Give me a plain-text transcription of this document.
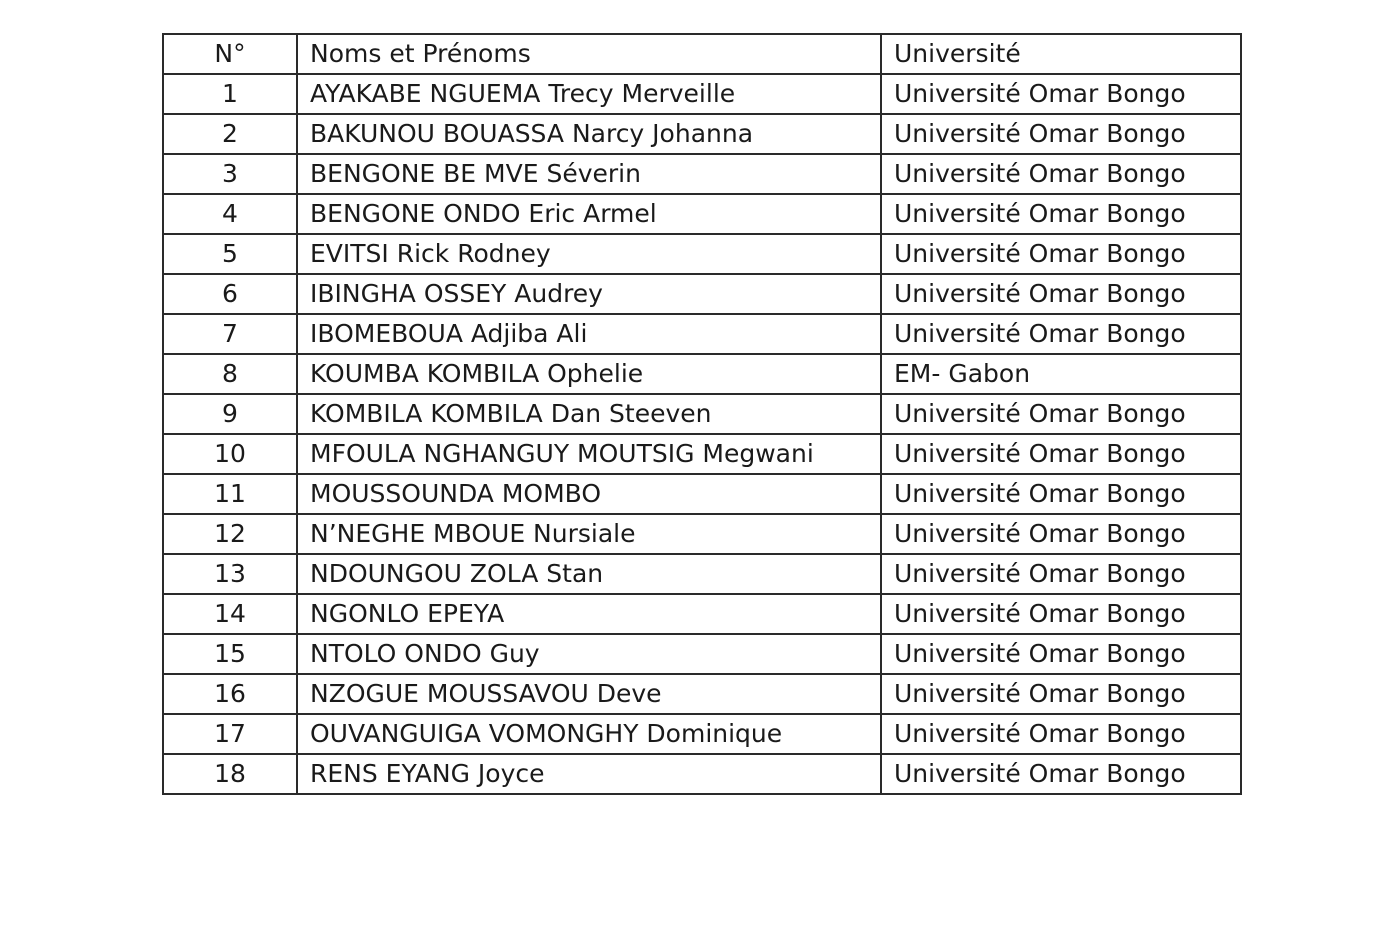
N°	Noms et Prénoms	Université
1	AYAKABE NGUEMA Trecy Merveille	Université Omar Bongo
2	BAKUNOU BOUASSA Narcy Johanna	Université Omar Bongo
3	BENGONE BE MVE Séverin	Université Omar Bongo
4	BENGONE ONDO Eric Armel	Université Omar Bongo
5	EVITSI Rick Rodney	Université Omar Bongo
6	IBINGHA OSSEY Audrey	Université Omar Bongo
7	IBOMEBOUA Adjiba Ali	Université Omar Bongo
8	KOUMBA KOMBILA Ophelie	EM- Gabon
9	KOMBILA KOMBILA Dan Steeven	Université Omar Bongo
10	MFOULA NGHANGUY MOUTSIG Megwani	Université Omar Bongo
11	MOUSSOUNDA MOMBO	Université Omar Bongo
12	N’NEGHE MBOUE Nursiale	Université Omar Bongo
13	NDOUNGOU ZOLA Stan	Université Omar Bongo
14	NGONLO EPEYA	Université Omar Bongo
15	NTOLO ONDO Guy	Université Omar Bongo
16	NZOGUE MOUSSAVOU Deve	Université Omar Bongo
17	OUVANGUIGA VOMONGHY Dominique	Université Omar Bongo
18	RENS EYANG Joyce	Université Omar Bongo
